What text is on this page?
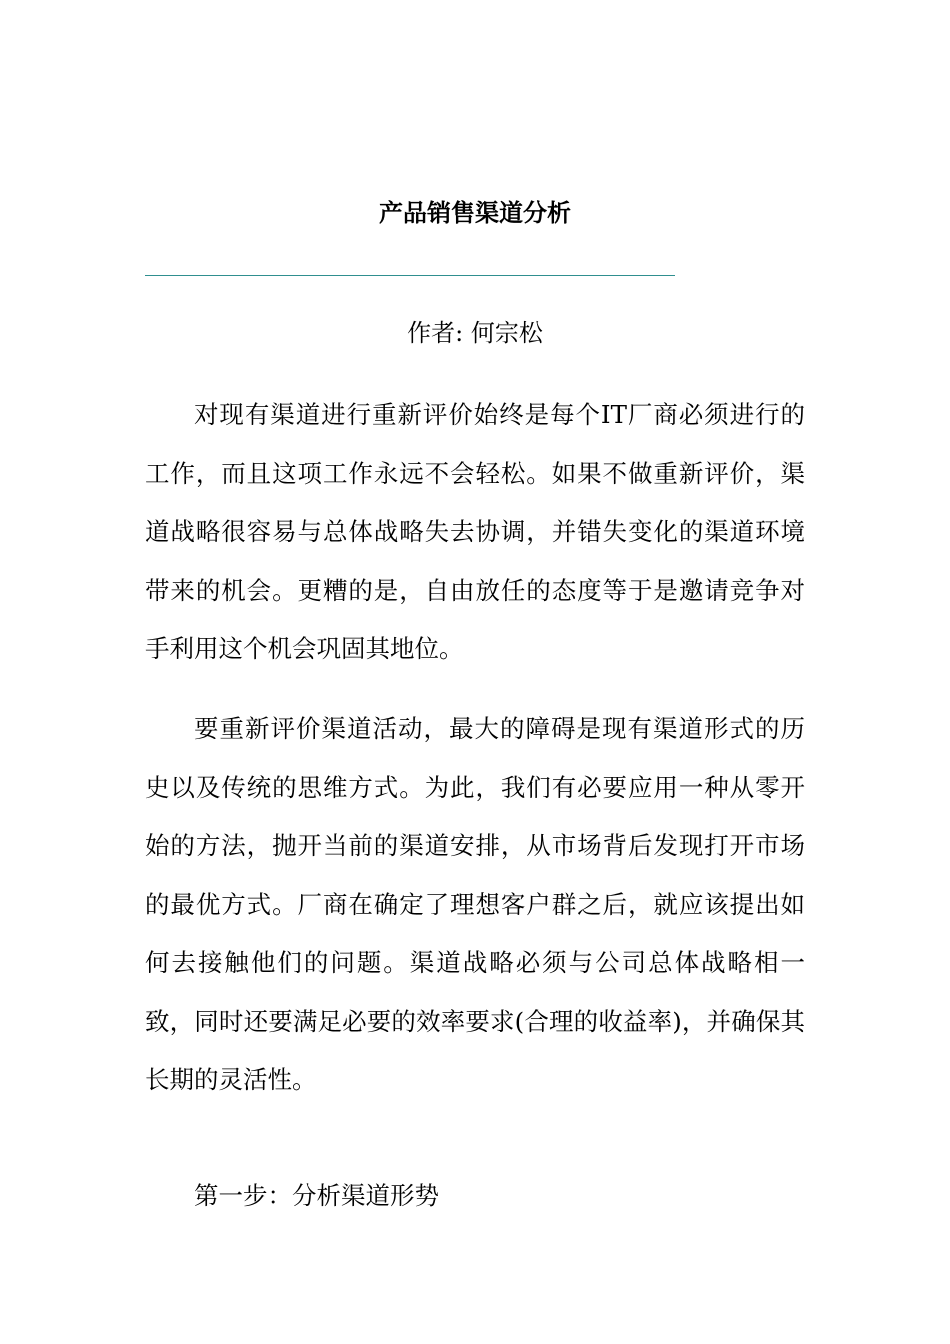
产品销售渠道分析
作者: 何宗松

对现有渠道进行重新评价始终是每个IT厂商必须进行的工作，而且这项工作永远不会轻松。如果不做重新评价，渠道战略很容易与总体战略失去协调，并错失变化的渠道环境带来的机会。更糟的是，自由放任的态度等于是邀请竞争对手利用这个机会巩固其地位。

要重新评价渠道活动，最大的障碍是现有渠道形式的历史以及传统的思维方式。为此，我们有必要应用一种从零开始的方法，抛开当前的渠道安排，从市场背后发现打开市场的最优方式。厂商在确定了理想客户群之后，就应该提出如何去接触他们的问题。渠道战略必须与公司总体战略相一致，同时还要满足必要的效率要求(合理的收益率)，并确保其长期的灵活性。

第一步：分析渠道形势
